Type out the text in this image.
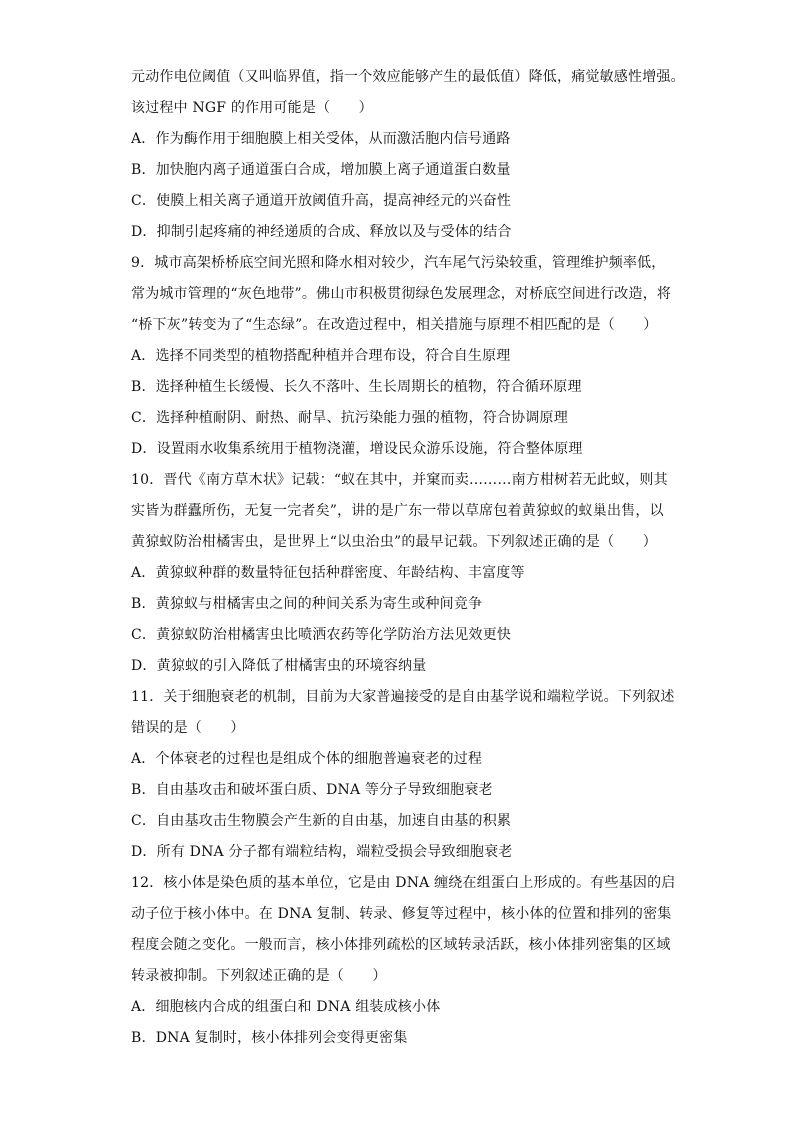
元动作电位阈值（又叫临界值，指一个效应能够产生的最低值）降低，痛觉敏感性增强。
该过程中 NGF 的作用可能是（　　）
A．作为酶作用于细胞膜上相关受体，从而激活胞内信号通路
B．加快胞内离子通道蛋白合成，增加膜上离子通道蛋白数量
C．使膜上相关离子通道开放阈值升高，提高神经元的兴奋性
D．抑制引起疼痛的神经递质的合成、释放以及与受体的结合
9．城市高架桥桥底空间光照和降水相对较少，汽车尾气污染较重，管理维护频率低，
常为城市管理的“灰色地带”。佛山市积极贯彻绿色发展理念，对桥底空间进行改造，将
“桥下灰”转变为了“生态绿”。在改造过程中，相关措施与原理不相匹配的是（　　）
A．选择不同类型的植物搭配种植并合理布设，符合自生原理
B．选择种植生长缓慢、长久不落叶、生长周期长的植物，符合循环原理
C．选择种植耐阴、耐热、耐旱、抗污染能力强的植物，符合协调原理
D．设置雨水收集系统用于植物浇灌，增设民众游乐设施，符合整体原理
10．晋代《南方草木状》记载：“蚁在其中，并窠而卖………南方柑树若无此蚁，则其
实皆为群蠹所伤，无复一完者矣”，讲的是广东一带以草席包着黄猄蚁的蚁巢出售，以
黄猄蚁防治柑橘害虫，是世界上“以虫治虫”的最早记载。下列叙述正确的是（　　）
A．黄猄蚁种群的数量特征包括种群密度、年龄结构、丰富度等
B．黄猄蚁与柑橘害虫之间的种间关系为寄生或种间竞争
C．黄猄蚁防治柑橘害虫比喷洒农药等化学防治方法见效更快
D．黄猄蚁的引入降低了柑橘害虫的环境容纳量
11．关于细胞衰老的机制，目前为大家普遍接受的是自由基学说和端粒学说。下列叙述
错误的是（　　）
A．个体衰老的过程也是组成个体的细胞普遍衰老的过程
B．自由基攻击和破坏蛋白质、DNA 等分子导致细胞衰老
C．自由基攻击生物膜会产生新的自由基，加速自由基的积累
D．所有 DNA 分子都有端粒结构，端粒受损会导致细胞衰老
12．核小体是染色质的基本单位，它是由 DNA 缠绕在组蛋白上形成的。有些基因的启
动子位于核小体中。在 DNA 复制、转录、修复等过程中，核小体的位置和排列的密集
程度会随之变化。一般而言，核小体排列疏松的区域转录活跃，核小体排列密集的区域
转录被抑制。下列叙述正确的是（　　）
A．细胞核内合成的组蛋白和 DNA 组装成核小体
B．DNA 复制时，核小体排列会变得更密集
